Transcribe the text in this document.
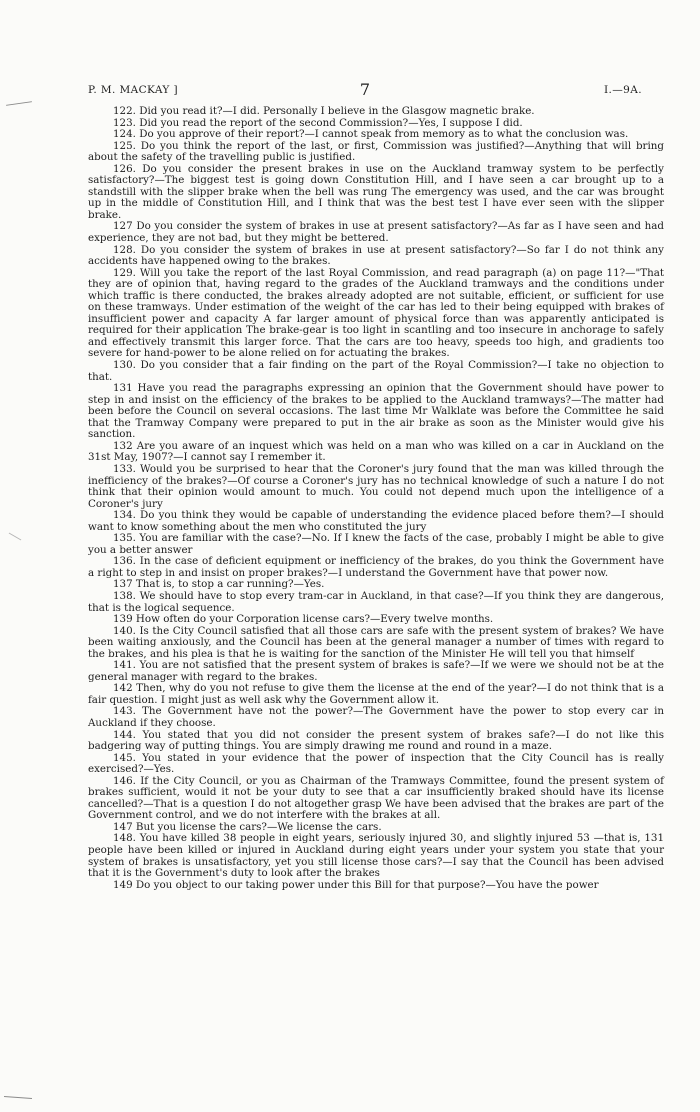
P. M. MACKAY ]	7	I.—9A.

122. Did you read it?—I did. Personally I believe in the Glasgow magnetic brake.

123. Did you read the report of the second Commission?—Yes, I suppose I did.

124. Do you approve of their report?—I cannot speak from memory as to what the conclusion was.

125. Do you think the report of the last, or first, Commission was justified?—Anything that will bring about the safety of the travelling public is justified.

126. Do you consider the present brakes in use on the Auckland tramway system to be perfectly satisfactory?—The biggest test is going down Constitution Hill, and I have seen a car brought up to a standstill with the slipper brake when the bell was rung The emergency was used, and the car was brought up in the middle of Constitution Hill, and I think that was the best test I have ever seen with the slipper brake.

127 Do you consider the system of brakes in use at present satisfactory?—As far as I have seen and had experience, they are not bad, but they might be bettered.

128. Do you consider the system of brakes in use at present satisfactory?—So far I do not think any accidents have happened owing to the brakes.

129. Will you take the report of the last Royal Commission, and read paragraph (a) on page 11?—"That they are of opinion that, having regard to the grades of the Auckland tramways and the conditions under which traffic is there conducted, the brakes already adopted are not suitable, efficient, or sufficient for use on these tramways. Under estimation of the weight of the car has led to their being equipped with brakes of insufficient power and capacity A far larger amount of physical force than was apparently anticipated is required for their application The brake-gear is too light in scantling and too insecure in anchorage to safely and effectively transmit this larger force. That the cars are too heavy, speeds too high, and gradients too severe for hand-power to be alone relied on for actuating the brakes.

130. Do you consider that a fair finding on the part of the Royal Commission?—I take no objection to that.

131 Have you read the paragraphs expressing an opinion that the Government should have power to step in and insist on the efficiency of the brakes to be applied to the Auckland tramways?—The matter had been before the Council on several occasions. The last time Mr Walklate was before the Committee he said that the Tramway Company were prepared to put in the air brake as soon as the Minister would give his sanction.

132 Are you aware of an inquest which was held on a man who was killed on a car in Auckland on the 31st May, 1907?—I cannot say I remember it.

133. Would you be surprised to hear that the Coroner's jury found that the man was killed through the inefficiency of the brakes?—Of course a Coroner's jury has no technical knowledge of such a nature I do not think that their opinion would amount to much. You could not depend much upon the intelligence of a Coroner's jury

134. Do you think they would be capable of understanding the evidence placed before them?—I should want to know something about the men who constituted the jury

135. You are familiar with the case?—No. If I knew the facts of the case, probably I might be able to give you a better answer

136. In the case of deficient equipment or inefficiency of the brakes, do you think the Government have a right to step in and insist on proper brakes?—I understand the Government have that power now.

137 That is, to stop a car running?—Yes.

138. We should have to stop every tram-car in Auckland, in that case?—If you think they are dangerous, that is the logical sequence.

139 How often do your Corporation license cars?—Every twelve months.

140. Is the City Council satisfied that all those cars are safe with the present system of brakes? We have been waiting anxiously, and the Council has been at the general manager a number of times with regard to the brakes, and his plea is that he is waiting for the sanction of the Minister He will tell you that himself

141. You are not satisfied that the present system of brakes is safe?—If we were we should not be at the general manager with regard to the brakes.

142 Then, why do you not refuse to give them the license at the end of the year?—I do not think that is a fair question. I might just as well ask why the Government allow it.

143. The Government have not the power?—The Government have the power to stop every car in Auckland if they choose.

144. You stated that you did not consider the present system of brakes safe?—I do not like this badgering way of putting things. You are simply drawing me round and round in a maze.

145. You stated in your evidence that the power of inspection that the City Council has is really exercised?—Yes.

146. If the City Council, or you as Chairman of the Tramways Committee, found the present system of brakes sufficient, would it not be your duty to see that a car insufficiently braked should have its license cancelled?—That is a question I do not altogether grasp We have been advised that the brakes are part of the Government control, and we do not interfere with the brakes at all.

147 But you license the cars?—We license the cars.

148. You have killed 38 people in eight years, seriously injured 30, and slightly injured 53 —that is, 131 people have been killed or injured in Auckland during eight years under your system you state that your system of brakes is unsatisfactory, yet you still license those cars?—I say that the Council has been advised that it is the Government's duty to look after the brakes

149 Do you object to our taking power under this Bill for that purpose?—You have the power
